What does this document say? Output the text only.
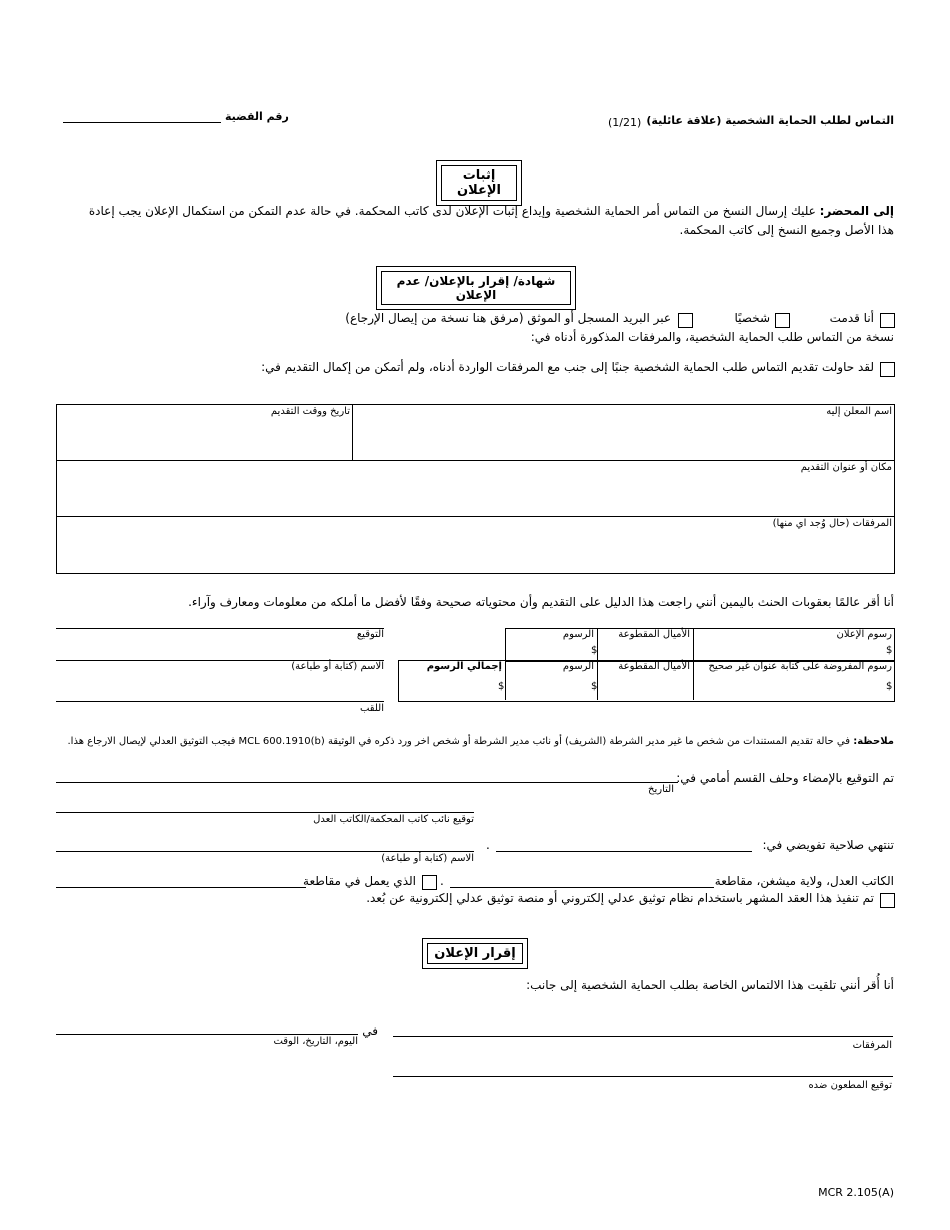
التماس لطلب الحماية الشخصية (علاقة عائلية)
(1/21)
رقم القضية
إثبات الإعلان
إلى المحضر: عليك إرسال النسخ من التماس أمر الحماية الشخصية وإيداع إثبات الإعلان لدى كاتب المحكمة. في حالة عدم التمكن من استكمال الإعلان يجب إعادة هذا الأصل وجميع النسخ إلى كاتب المحكمة.
شهادة/ إقرار بالإعلان/ عدم الإعلان
أنا قدمت
شخصيًا
عبر البريد المسجل أو الموثق (مرفق هنا نسخة من إيصال الإرجاع)
نسخة من التماس طلب الحماية الشخصية، والمرفقات المذكورة أدناه في:
لقد حاولت تقديم التماس طلب الحماية الشخصية جنبًا إلى جنب مع المرفقات الواردة أدناه، ولم أتمكن من إكمال التقديم في:
اسم المعلن إليه
تاريخ ووقت التقديم
مكان أو عنوان التقديم
المرفقات (حال وُجد اي منها)
أنا أقر عالمًا بعقوبات الحنث باليمين أنني راجعت هذا الدليل على التقديم وأن محتوياته صحيحة وفقًا لأفضل ما أملكه من معلومات ومعارف وآراء.
رسوم الإعلان
الأميال المقطوعة
الرسوم
$
$
رسوم المفروضة على كتابة عنوان غير صحيح
الأميال المقطوعة
الرسوم
إجمالي الرسوم
$
$
$
التوقيع
الاسم (كتابة أو طباعة)
اللقب
ملاحظة: في حالة تقديم المستندات من شخص ما غير مدير الشرطة (الشريف) أو نائب مدير الشرطة أو شخص اخر ورد ذكره في الوثيقة MCL 600.1910(b) فيجب التوثيق العدلي لإيصال الارجاع هذا.
تم التوقيع بالإمضاء وحلف القسم أمامي في:
التاريخ
توقيع نائب كاتب المحكمة/الكاتب العدل
تنتهي صلاحية تفويضي في:
.
الاسم (كتابة أو طباعة)
الكاتب العدل، ولاية ميشغن، مقاطعة
.
الذي يعمل في مقاطعة
تم تنفيذ هذا العقد المشهر باستخدام نظام توثيق عدلي إلكتروني أو منصة توثيق عدلي إلكترونية عن بُعد.
إقرار الإعلان
أنا أُقر أنني تلقيت هذا الالتماس الخاصة بطلب الحماية الشخصية إلى جانب:
المرفقات
في
اليوم، التاريخ، الوقت
توقيع المطعون ضده
MCR 2.105(A)
